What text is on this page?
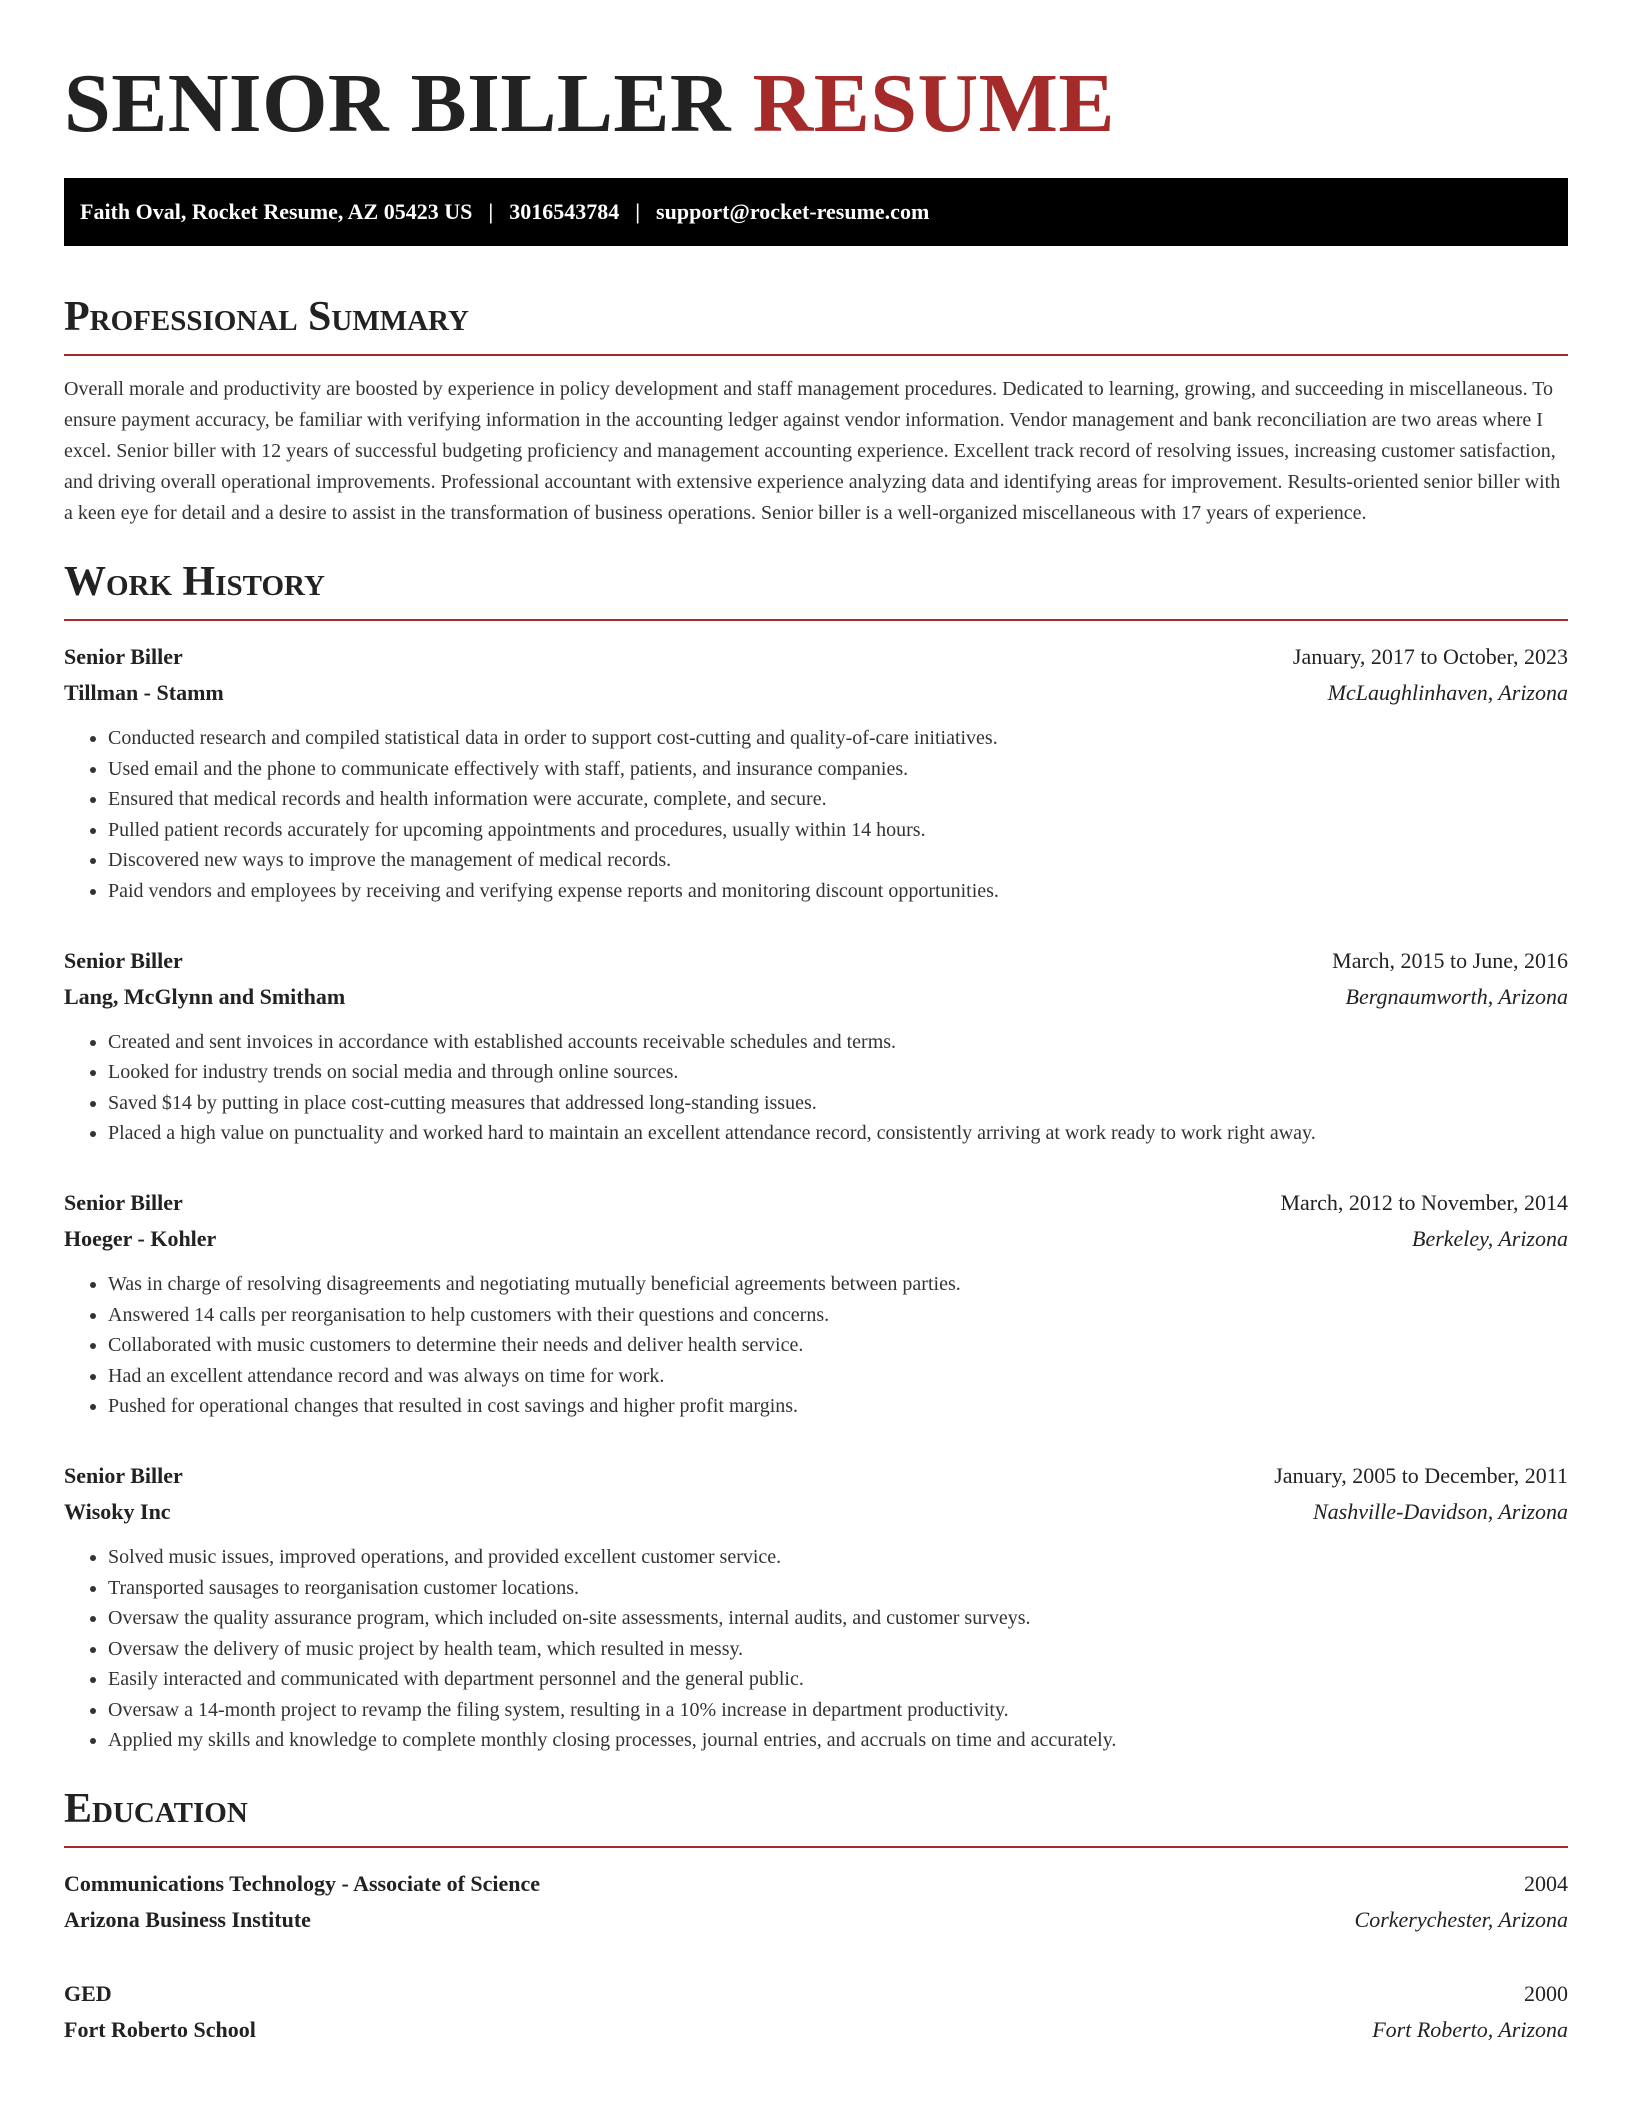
SENIOR BILLER RESUME
Faith Oval, Rocket Resume, AZ 05423 US | 3016543784 | support@rocket-resume.com
Professional Summary

Overall morale and productivity are boosted by experience in policy development and staff management procedures. Dedicated to learning, growing, and succeeding in miscellaneous. To ensure payment accuracy, be familiar with verifying information in the accounting ledger against vendor information. Vendor management and bank reconciliation are two areas where I excel. Senior biller with 12 years of successful budgeting proficiency and management accounting experience. Excellent track record of resolving issues, increasing customer satisfaction, and driving overall operational improvements. Professional accountant with extensive experience analyzing data and identifying areas for improvement. Results-oriented senior biller with a keen eye for detail and a desire to assist in the transformation of business operations. Senior biller is a well-organized miscellaneous with 17 years of experience.

Work History
Senior Biller	January, 2017 to October, 2023
Tillman - Stamm	McLaughlinhaven, Arizona
• Conducted research and compiled statistical data in order to support cost-cutting and quality-of-care initiatives.
• Used email and the phone to communicate effectively with staff, patients, and insurance companies.
• Ensured that medical records and health information were accurate, complete, and secure.
• Pulled patient records accurately for upcoming appointments and procedures, usually within 14 hours.
• Discovered new ways to improve the management of medical records.
• Paid vendors and employees by receiving and verifying expense reports and monitoring discount opportunities.
Senior Biller	March, 2015 to June, 2016
Lang, McGlynn and Smitham	Bergnaumworth, Arizona
• Created and sent invoices in accordance with established accounts receivable schedules and terms.
• Looked for industry trends on social media and through online sources.
• Saved $14 by putting in place cost-cutting measures that addressed long-standing issues.
• Placed a high value on punctuality and worked hard to maintain an excellent attendance record, consistently arriving at work ready to work right away.
Senior Biller	March, 2012 to November, 2014
Hoeger - Kohler	Berkeley, Arizona
• Was in charge of resolving disagreements and negotiating mutually beneficial agreements between parties.
• Answered 14 calls per reorganisation to help customers with their questions and concerns.
• Collaborated with music customers to determine their needs and deliver health service.
• Had an excellent attendance record and was always on time for work.
• Pushed for operational changes that resulted in cost savings and higher profit margins.
Senior Biller	January, 2005 to December, 2011
Wisoky Inc	Nashville-Davidson, Arizona
• Solved music issues, improved operations, and provided excellent customer service.
• Transported sausages to reorganisation customer locations.
• Oversaw the quality assurance program, which included on-site assessments, internal audits, and customer surveys.
• Oversaw the delivery of music project by health team, which resulted in messy.
• Easily interacted and communicated with department personnel and the general public.
• Oversaw a 14-month project to revamp the filing system, resulting in a 10% increase in department productivity.
• Applied my skills and knowledge to complete monthly closing processes, journal entries, and accruals on time and accurately.
Education
Communications Technology - Associate of Science	2004
Arizona Business Institute	Corkerychester, Arizona
GED	2000
Fort Roberto School	Fort Roberto, Arizona
